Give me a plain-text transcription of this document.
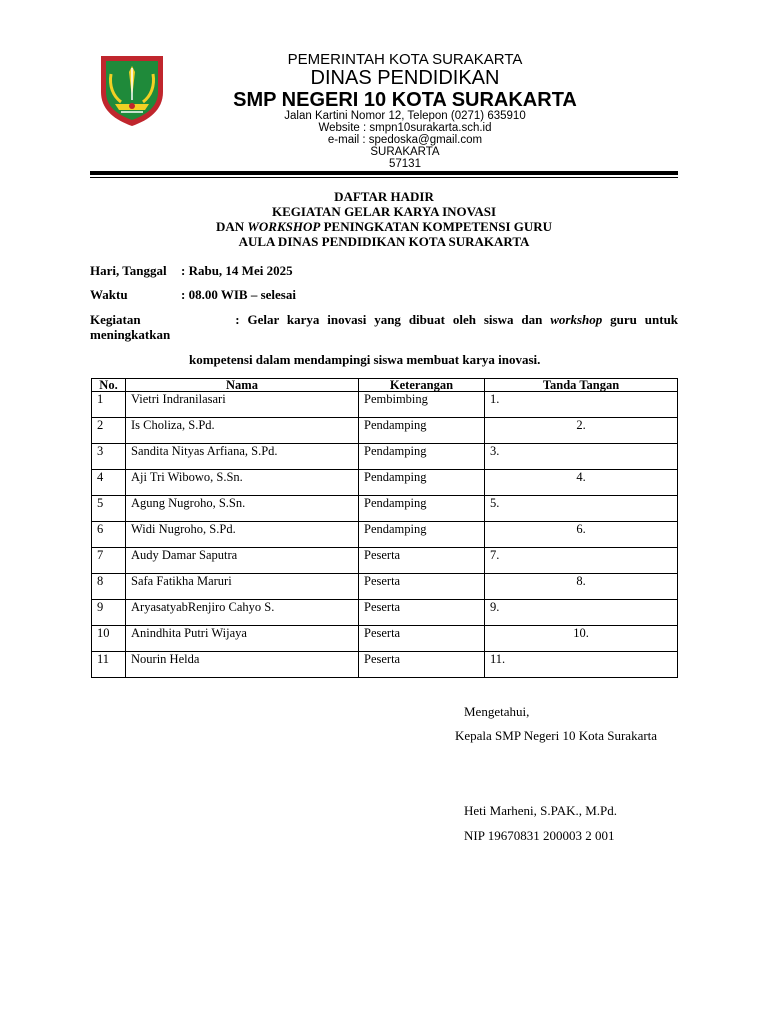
PEMERINTAH KOTA SURAKARTA
DINAS PENDIDIKAN
SMP NEGERI 10 KOTA SURAKARTA
Jalan Kartini Nomor 12, Telepon (0271) 635910
Website : smpn10surakarta.sch.id
e-mail : spedoska@gmail.com
SURAKARTA
57131
DAFTAR HADIR
KEGIATAN GELAR KARYA INOVASI
DAN WORKSHOP PENINGKATAN KOMPETENSI GURU
AULA DINAS PENDIDIKAN KOTA SURAKARTA
Hari, Tanggal : Rabu, 14 Mei 2025
Waktu	: 08.00 WIB – selesai
Kegiatan	: Gelar karya inovasi yang dibuat oleh siswa dan workshop guru untuk
meningkatkan
kompetensi dalam mendampingi siswa membuat karya inovasi.
No.	Nama	Keterangan	Tanda Tangan
1	Vietri Indranilasari	Pembimbing	1.
2	Is Choliza, S.Pd.	Pendamping	2.
3	Sandita Nityas Arfiana, S.Pd.	Pendamping	3.
4	Aji Tri Wibowo, S.Sn.	Pendamping	4.
5	Agung Nugroho, S.Sn.	Pendamping	5.
6	Widi Nugroho, S.Pd.	Pendamping	6.
7	Audy Damar Saputra	Peserta	7.
8	Safa Fatikha Maruri	Peserta	8.
9	AryasatyabRenjiro Cahyo S.	Peserta	9.
10	Anindhita Putri Wijaya	Peserta	10.
11	Nourin Helda	Peserta	11.
Mengetahui,
Kepala SMP Negeri 10 Kota Surakarta
Heti Marheni, S.PAK., M.Pd.
NIP 19670831 200003 2 001
